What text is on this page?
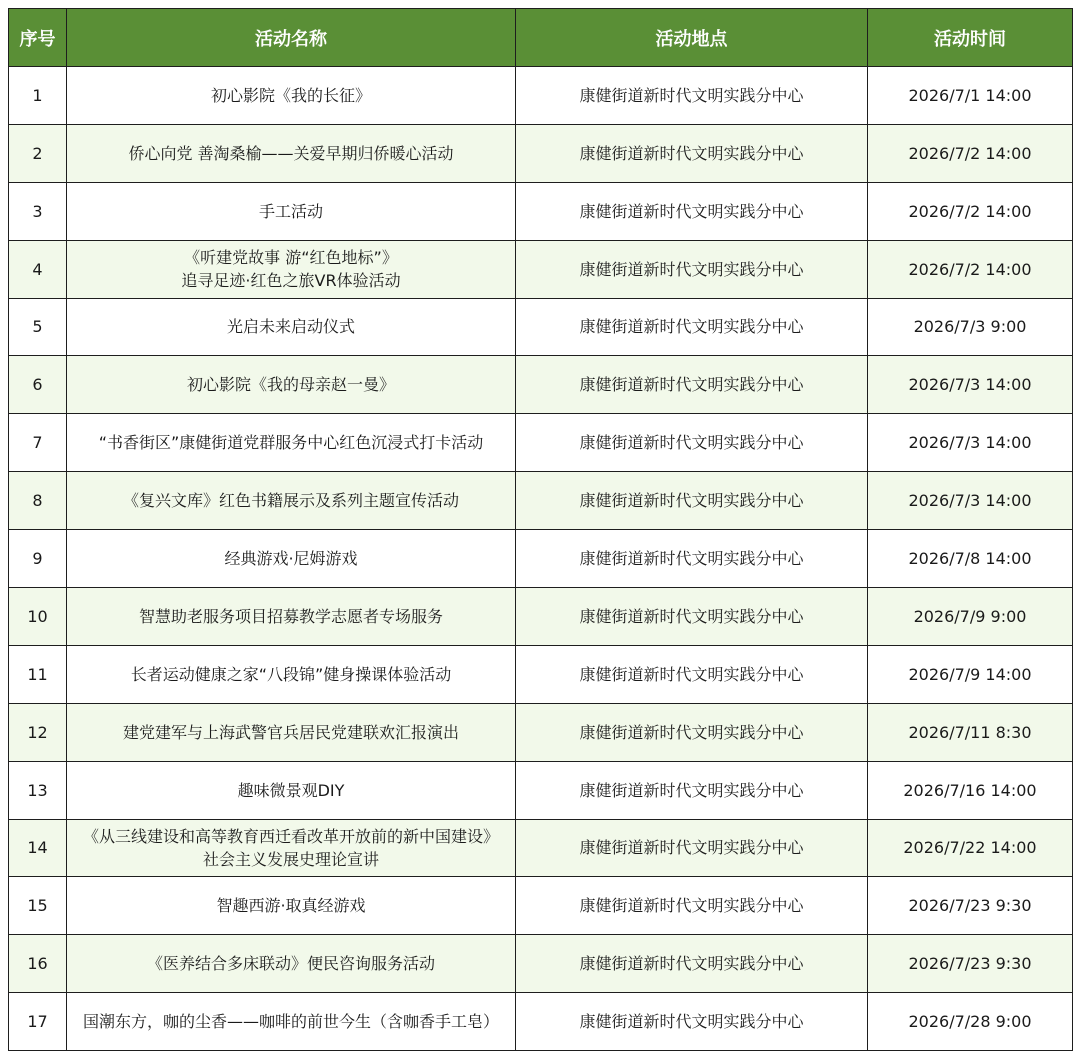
序号	活动名称	活动地点	活动时间
1	初心影院《我的长征》	康健街道新时代文明实践分中心	2026/7/1 14:00
2	侨心向党 善淘桑榆——关爱早期归侨暖心活动	康健街道新时代文明实践分中心	2026/7/2 14:00
3	手工活动	康健街道新时代文明实践分中心	2026/7/2 14:00
4	《听建党故事 游“红色地标”》
追寻足迹·红色之旅VR体验活动	康健街道新时代文明实践分中心	2026/7/2 14:00
5	光启未来启动仪式	康健街道新时代文明实践分中心	2026/7/3 9:00
6	初心影院《我的母亲赵一曼》	康健街道新时代文明实践分中心	2026/7/3 14:00
7	“书香街区”康健街道党群服务中心红色沉浸式打卡活动	康健街道新时代文明实践分中心	2026/7/3 14:00
8	《复兴文库》红色书籍展示及系列主题宣传活动	康健街道新时代文明实践分中心	2026/7/3 14:00
9	经典游戏·尼姆游戏	康健街道新时代文明实践分中心	2026/7/8 14:00
10	智慧助老服务项目招募教学志愿者专场服务	康健街道新时代文明实践分中心	2026/7/9 9:00
11	长者运动健康之家“八段锦”健身操课体验活动	康健街道新时代文明实践分中心	2026/7/9 14:00
12	建党建军与上海武警官兵居民党建联欢汇报演出	康健街道新时代文明实践分中心	2026/7/11 8:30
13	趣味微景观DIY	康健街道新时代文明实践分中心	2026/7/16 14:00
14	《从三线建设和高等教育西迁看改革开放前的新中国建设》
社会主义发展史理论宣讲	康健街道新时代文明实践分中心	2026/7/22 14:00
15	智趣西游·取真经游戏	康健街道新时代文明实践分中心	2026/7/23 9:30
16	《医养结合多床联动》便民咨询服务活动	康健街道新时代文明实践分中心	2026/7/23 9:30
17	国潮东方，咖的尘香——咖啡的前世今生（含咖香手工皂）	康健街道新时代文明实践分中心	2026/7/28 9:00
